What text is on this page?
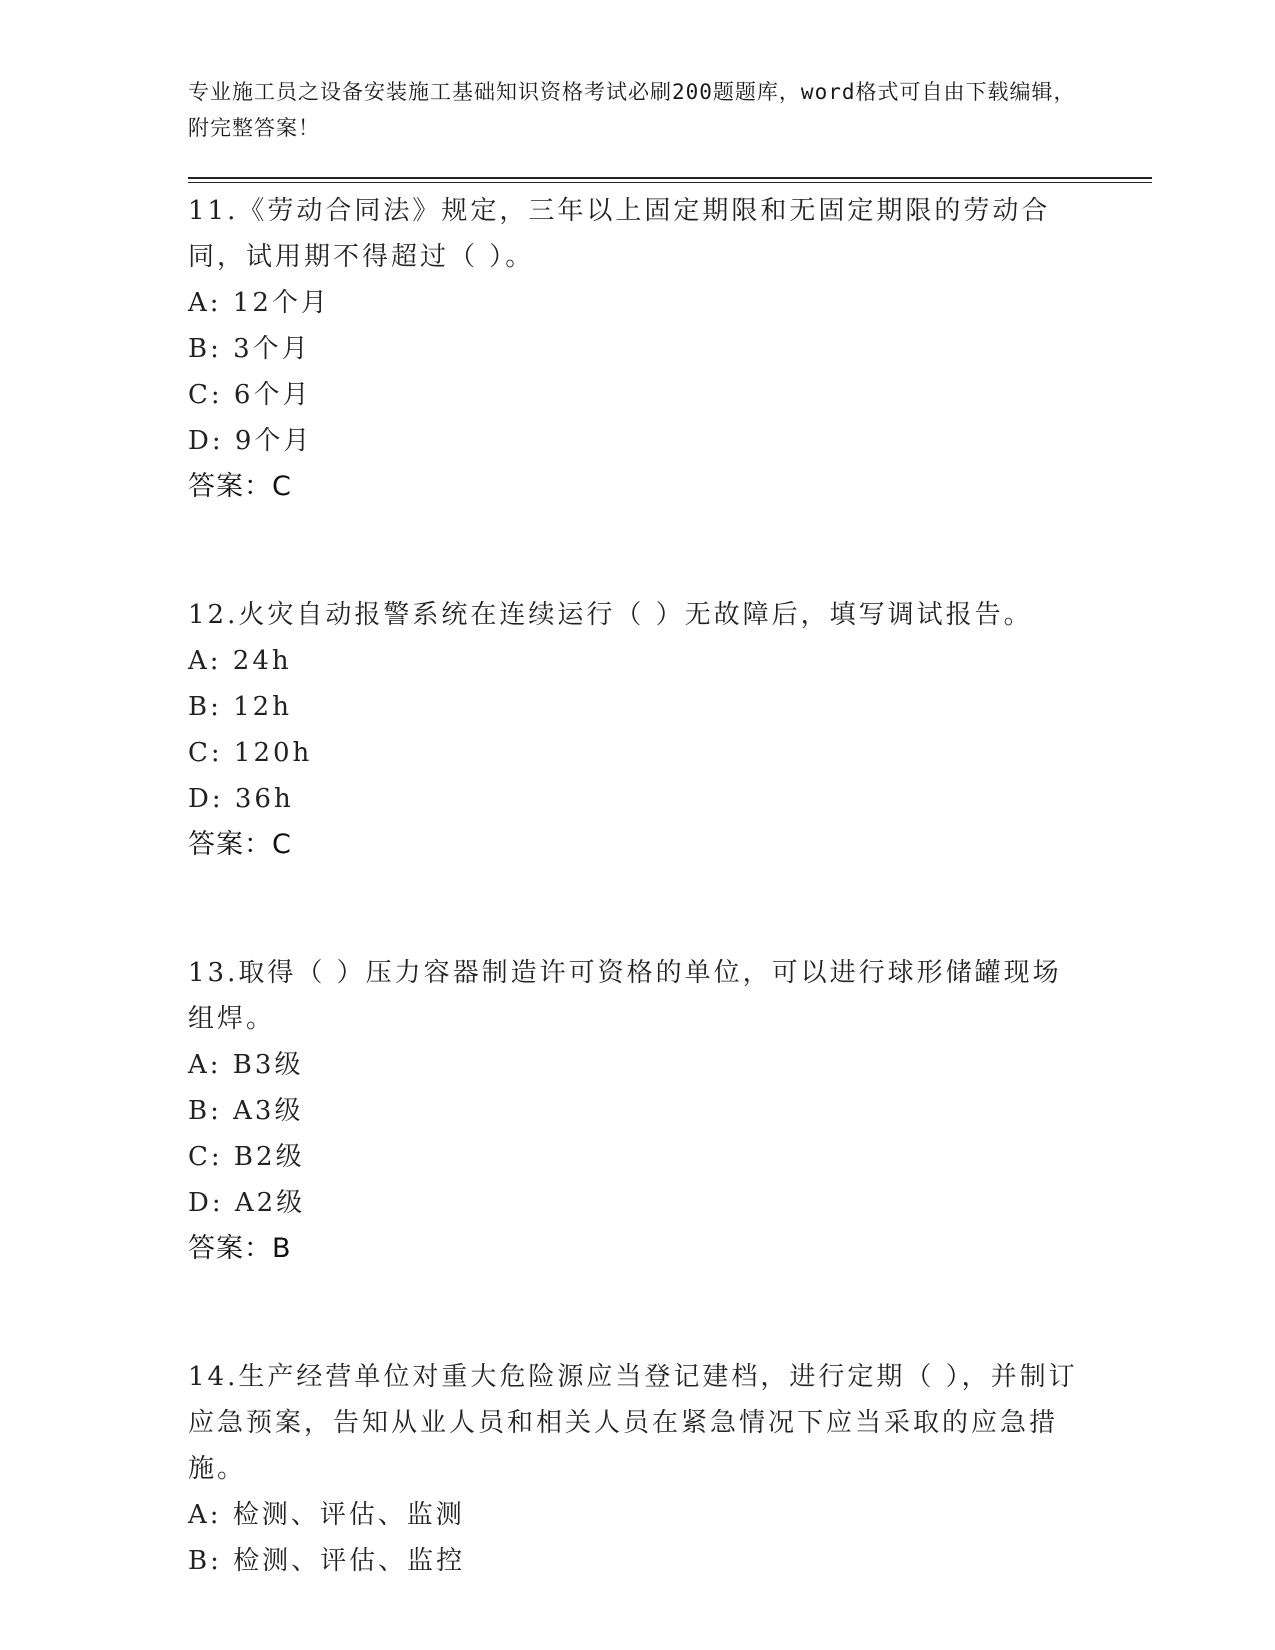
专业施工员之设备安装施工基础知识资格考试必刷200题题库，word格式可自由下载编辑，附完整答案！

11.《劳动合同法》规定，三年以上固定期限和无固定期限的劳动合同，试用期不得超过（ ）。

A: 12个月

B: 3个月

C: 6个月

D: 9个月

答案：C

12.火灾自动报警系统在连续运行（ ）无故障后，填写调试报告。

A: 24h

B: 12h

C: 120h

D: 36h

答案：C

13.取得（ ）压力容器制造许可资格的单位，可以进行球形储罐现场组焊。

A: B3级

B: A3级

C: B2级

D: A2级

答案：B

14.生产经营单位对重大危险源应当登记建档，进行定期（ ），并制订应急预案，告知从业人员和相关人员在紧急情况下应当采取的应急措施。

A: 检测、评估、监测

B: 检测、评估、监控
